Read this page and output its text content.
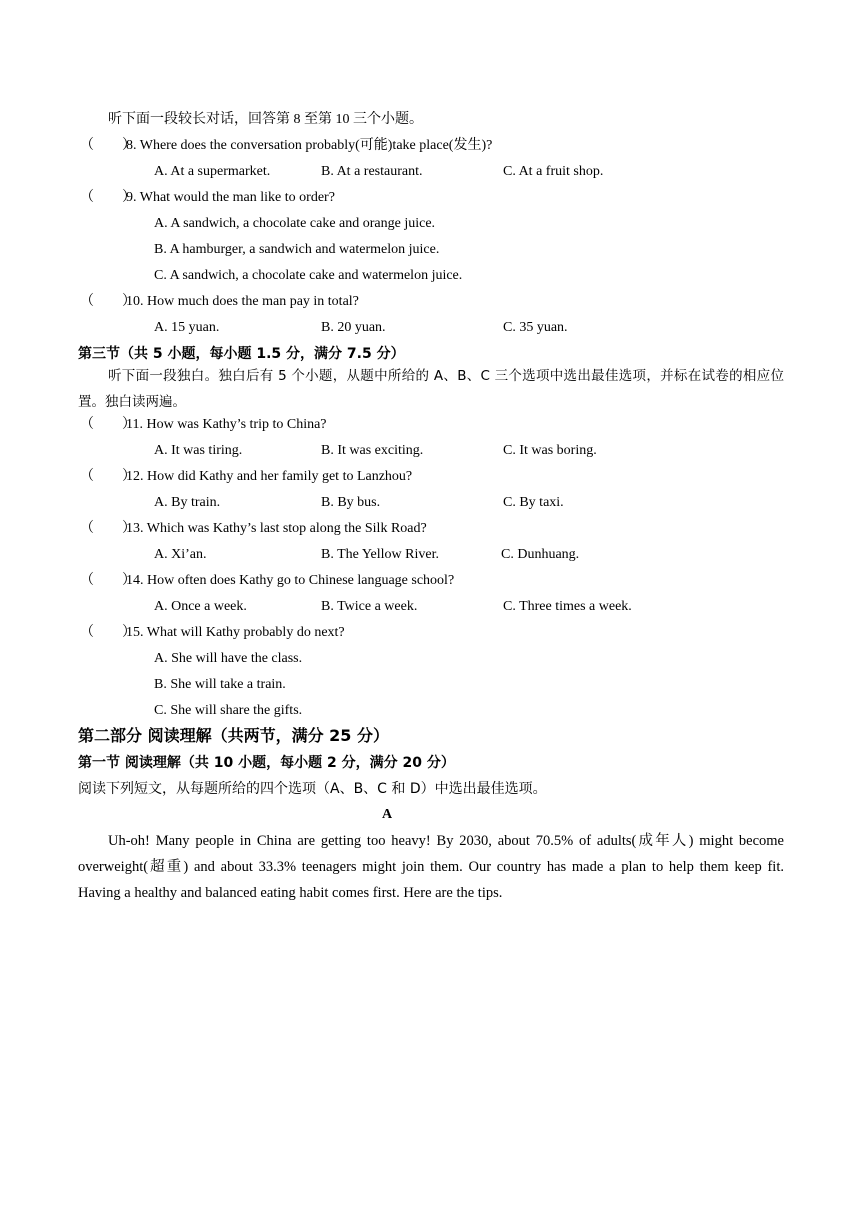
听下面一段较长对话，回答第 8 至第 10 三个小题。
（　　）8. Where does the conversation probably(可能)take place(发生)?
A. At a supermarket.	B. At a restaurant.	C. At a fruit shop.
（　　）9. What would the man like to order?
A. A sandwich, a chocolate cake and orange juice.
B. A hamburger, a sandwich and watermelon juice.
C. A sandwich, a chocolate cake and watermelon juice.
（　　）10. How much does the man pay in total?
A. 15 yuan.	B. 20 yuan.	C. 35 yuan.
第三节（共 5 小题，每小题 1.5 分，满分 7.5 分）
听下面一段独白。独白后有 5 个小题，从题中所给的 A、B、C 三个选项中选出最佳选项，并标在试卷的相应位置。独白读两遍。
（　　）11. How was Kathy’s trip to China?
A. It was tiring.	B. It was exciting.	C. It was boring.
（　　）12. How did Kathy and her family get to Lanzhou?
A. By train.	B. By bus.	C. By taxi.
（　　）13. Which was Kathy’s last stop along the Silk Road?
A. Xi’an.	B. The Yellow River.	C. Dunhuang.
（　　）14. How often does Kathy go to Chinese language school?
A. Once a week.	B. Twice a week.	C. Three times a week.
（　　）15. What will Kathy probably do next?
A. She will have the class.
B. She will take a train.
C. She will share the gifts.
第二部分 阅读理解（共两节，满分 25 分）
第一节 阅读理解（共 10 小题，每小题 2 分，满分 20 分）
阅读下列短文，从每题所给的四个选项（A、B、C 和 D）中选出最佳选项。
A
Uh-oh! Many people in China are getting too heavy! By 2030, about 70.5% of adults(成年人) might become overweight(超重) and about 33.3% teenagers might join them. Our country has made a plan to help them keep fit. Having a healthy and balanced eating habit comes first. Here are the tips.
